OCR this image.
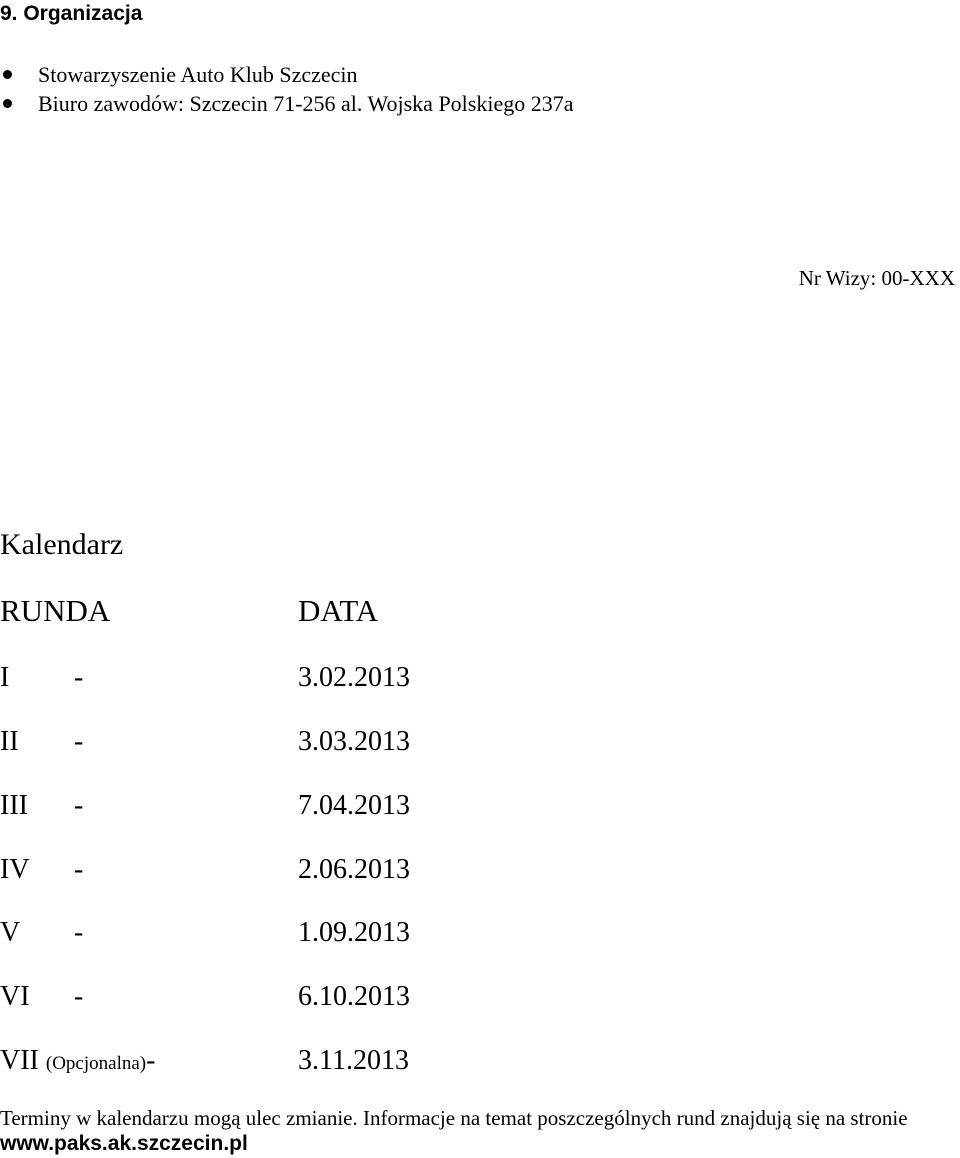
9. Organizacja
Stowarzyszenie Auto Klub Szczecin
Biuro zawodów: Szczecin 71-256 al. Wojska Polskiego 237a
Nr Wizy: 00-XXX
Kalendarz
RUNDA	DATA
I -	3.02.2013
II -	3.03.2013
III -	7.04.2013
IV -	2.06.2013
V -	1.09.2013
VI -	6.10.2013
VII (Opcjonalna)-	3.11.2013
Terminy w kalendarzu mogą ulec zmianie. Informacje na temat poszczególnych rund znajdują się na stronie www.paks.ak.szczecin.pl
